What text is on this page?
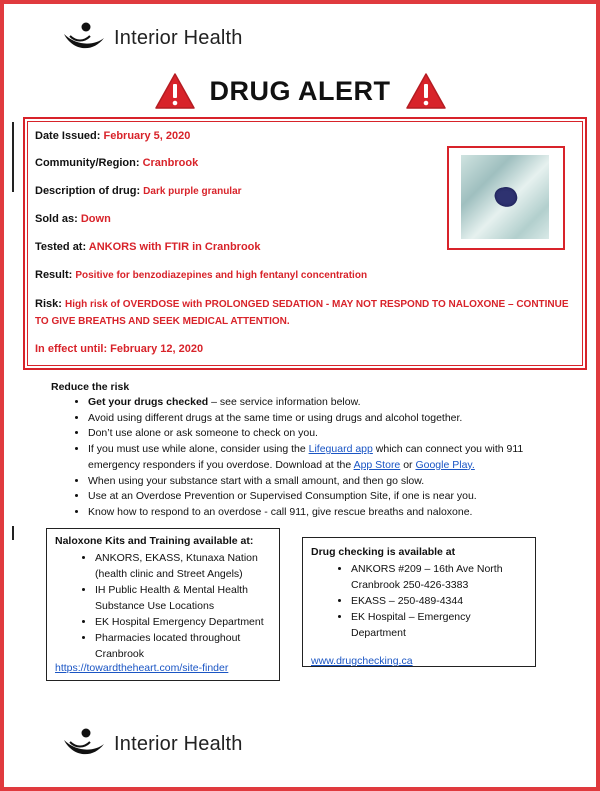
Interior Health
DRUG ALERT
Date Issued: February 5, 2020
Community/Region: Cranbrook
Description of drug: Dark purple granular
Sold as: Down
Tested at: ANKORS with FTIR in Cranbrook
Result: Positive for benzodiazepines and high fentanyl concentration
Risk: High risk of OVERDOSE with PROLONGED SEDATION - MAY NOT RESPOND TO NALOXONE – CONTINUE TO GIVE BREATHS AND SEEK MEDICAL ATTENTION.
In effect until: February 12, 2020
Reduce the risk
• Get your drugs checked – see service information below.
• Avoid using different drugs at the same time or using drugs and alcohol together.
• Don’t use alone or ask someone to check on you.
• If you must use while alone, consider using the Lifeguard app which can connect you with 911 emergency responders if you overdose. Download at the App Store or Google Play.
• When using your substance start with a small amount, and then go slow.
• Use at an Overdose Prevention or Supervised Consumption Site, if one is near you.
• Know how to respond to an overdose - call 911, give rescue breaths and naloxone.
Naloxone Kits and Training available at:
• ANKORS, EKASS, Ktunaxa Nation (health clinic and Street Angels)
• IH Public Health & Mental Health Substance Use Locations
• EK Hospital Emergency Department
• Pharmacies located throughout Cranbrook
https://towardtheheart.com/site-finder
Drug checking is available at
• ANKORS #209 – 16th Ave North Cranbrook 250-426-3383
• EKASS – 250-489-4344
• EK Hospital – Emergency Department
www.drugchecking.ca
Interior Health
